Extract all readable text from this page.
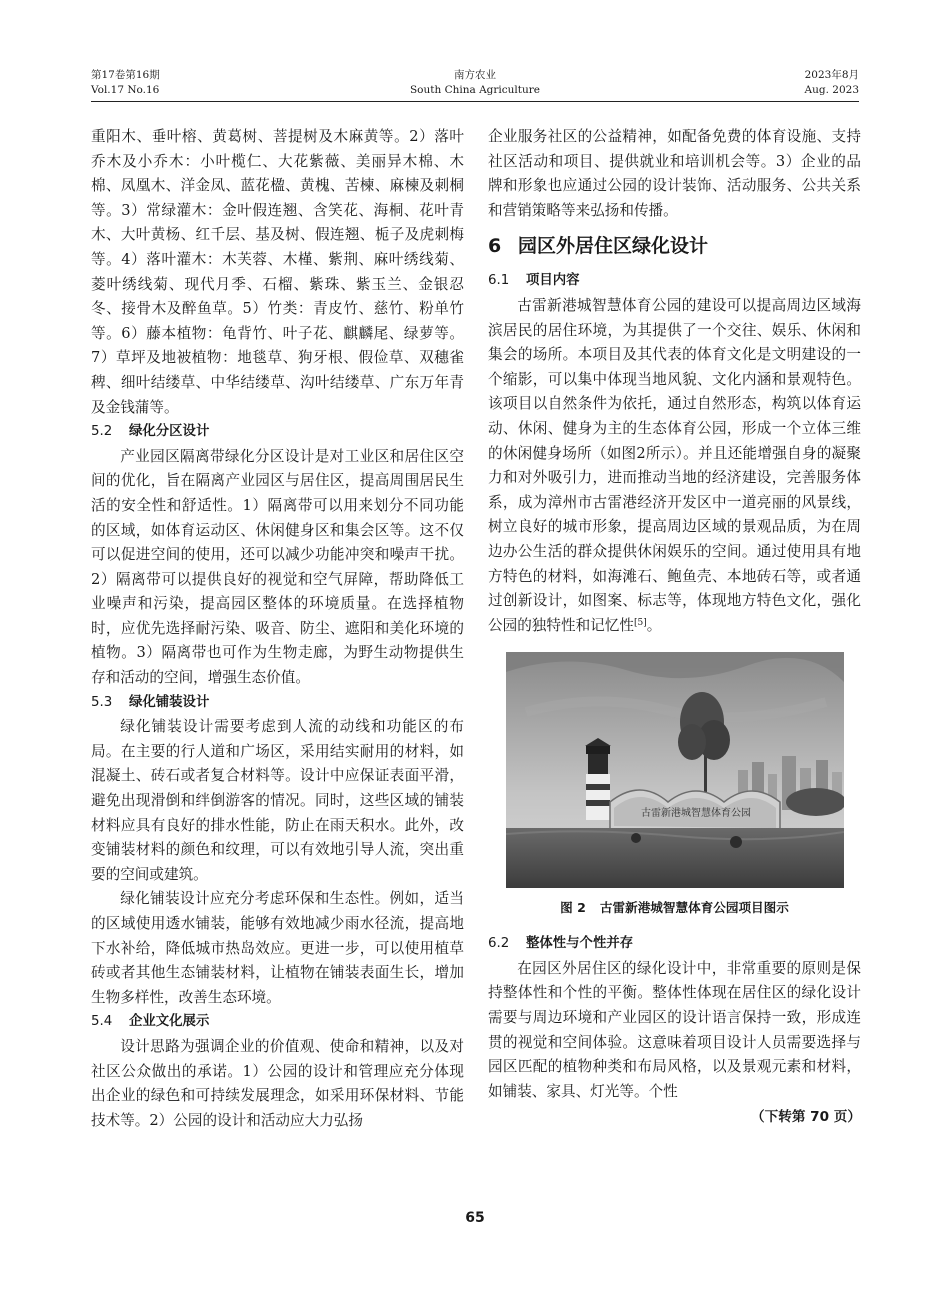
第17卷第16期
Vol.17 No.16
南方农业
South China Agriculture
2023年8月
Aug. 2023

重阳木、垂叶榕、黄葛树、菩提树及木麻黄等。2）落叶乔木及小乔木：小叶榄仁、大花紫薇、美丽异木棉、木棉、凤凰木、洋金凤、蓝花楹、黄槐、苦楝、麻楝及刺桐等。3）常绿灌木：金叶假连翘、含笑花、海桐、花叶青木、大叶黄杨、红千层、基及树、假连翘、栀子及虎刺梅等。4）落叶灌木：木芙蓉、木槿、紫荆、麻叶绣线菊、菱叶绣线菊、现代月季、石榴、紫珠、紫玉兰、金银忍冬、接骨木及醉鱼草。5）竹类：青皮竹、慈竹、粉单竹等。6）藤本植物：龟背竹、叶子花、麒麟尾、绿萝等。7）草坪及地被植物：地毯草、狗牙根、假俭草、双穗雀稗、细叶结缕草、中华结缕草、沟叶结缕草、广东万年青及金钱蒲等。

5.2 绿化分区设计

产业园区隔离带绿化分区设计是对工业区和居住区空间的优化，旨在隔离产业园区与居住区，提高周围居民生活的安全性和舒适性。1）隔离带可以用来划分不同功能的区域，如体育运动区、休闲健身区和集会区等。这不仅可以促进空间的使用，还可以减少功能冲突和噪声干扰。2）隔离带可以提供良好的视觉和空气屏障，帮助降低工业噪声和污染，提高园区整体的环境质量。在选择植物时，应优先选择耐污染、吸音、防尘、遮阳和美化环境的植物。3）隔离带也可作为生物走廊，为野生动物提供生存和活动的空间，增强生态价值。

5.3 绿化铺装设计

绿化铺装设计需要考虑到人流的动线和功能区的布局。在主要的行人道和广场区，采用结实耐用的材料，如混凝土、砖石或者复合材料等。设计中应保证表面平滑，避免出现滑倒和绊倒游客的情况。同时，这些区域的铺装材料应具有良好的排水性能，防止在雨天积水。此外，改变铺装材料的颜色和纹理，可以有效地引导人流，突出重要的空间或建筑。

绿化铺装设计应充分考虑环保和生态性。例如，适当的区域使用透水铺装，能够有效地减少雨水径流，提高地下水补给，降低城市热岛效应。更进一步，可以使用植草砖或者其他生态铺装材料，让植物在铺装表面生长，增加生物多样性，改善生态环境。

5.4 企业文化展示

设计思路为强调企业的价值观、使命和精神，以及对社区公众做出的承诺。1）公园的设计和管理应充分体现出企业的绿色和可持续发展理念，如采用环保材料、节能技术等。2）公园的设计和活动应大力弘扬

企业服务社区的公益精神，如配备免费的体育设施、支持社区活动和项目、提供就业和培训机会等。3）企业的品牌和形象也应通过公园的设计装饰、活动服务、公共关系和营销策略等来弘扬和传播。

6 园区外居住区绿化设计
6.1 项目内容

古雷新港城智慧体育公园的建设可以提高周边区域海滨居民的居住环境，为其提供了一个交往、娱乐、休闲和集会的场所。本项目及其代表的体育文化是文明建设的一个缩影，可以集中体现当地风貌、文化内涵和景观特色。该项目以自然条件为依托，通过自然形态，构筑以体育运动、休闲、健身为主的生态体育公园，形成一个立体三维的休闲健身场所（如图2所示）。并且还能增强自身的凝聚力和对外吸引力，进而推动当地的经济建设，完善服务体系，成为漳州市古雷港经济开发区中一道亮丽的风景线，树立良好的城市形象，提高周边区域的景观品质，为在周边办公生活的群众提供休闲娱乐的空间。通过使用具有地方特色的材料，如海滩石、鲍鱼壳、本地砖石等，或者通过创新设计，如图案、标志等，体现地方特色文化，强化公园的独特性和记忆性[5]。

古雷新港城智慧体育公园
图 2 古雷新港城智慧体育公园项目图示
6.2 整体性与个性并存

在园区外居住区的绿化设计中，非常重要的原则是保持整体性和个性的平衡。整体性体现在居住区的绿化设计需要与周边环境和产业园区的设计语言保持一致，形成连贯的视觉和空间体验。这意味着项目设计人员需要选择与园区匹配的植物种类和布局风格，以及景观元素和材料，如铺装、家具、灯光等。个性

（下转第 70 页）
65
